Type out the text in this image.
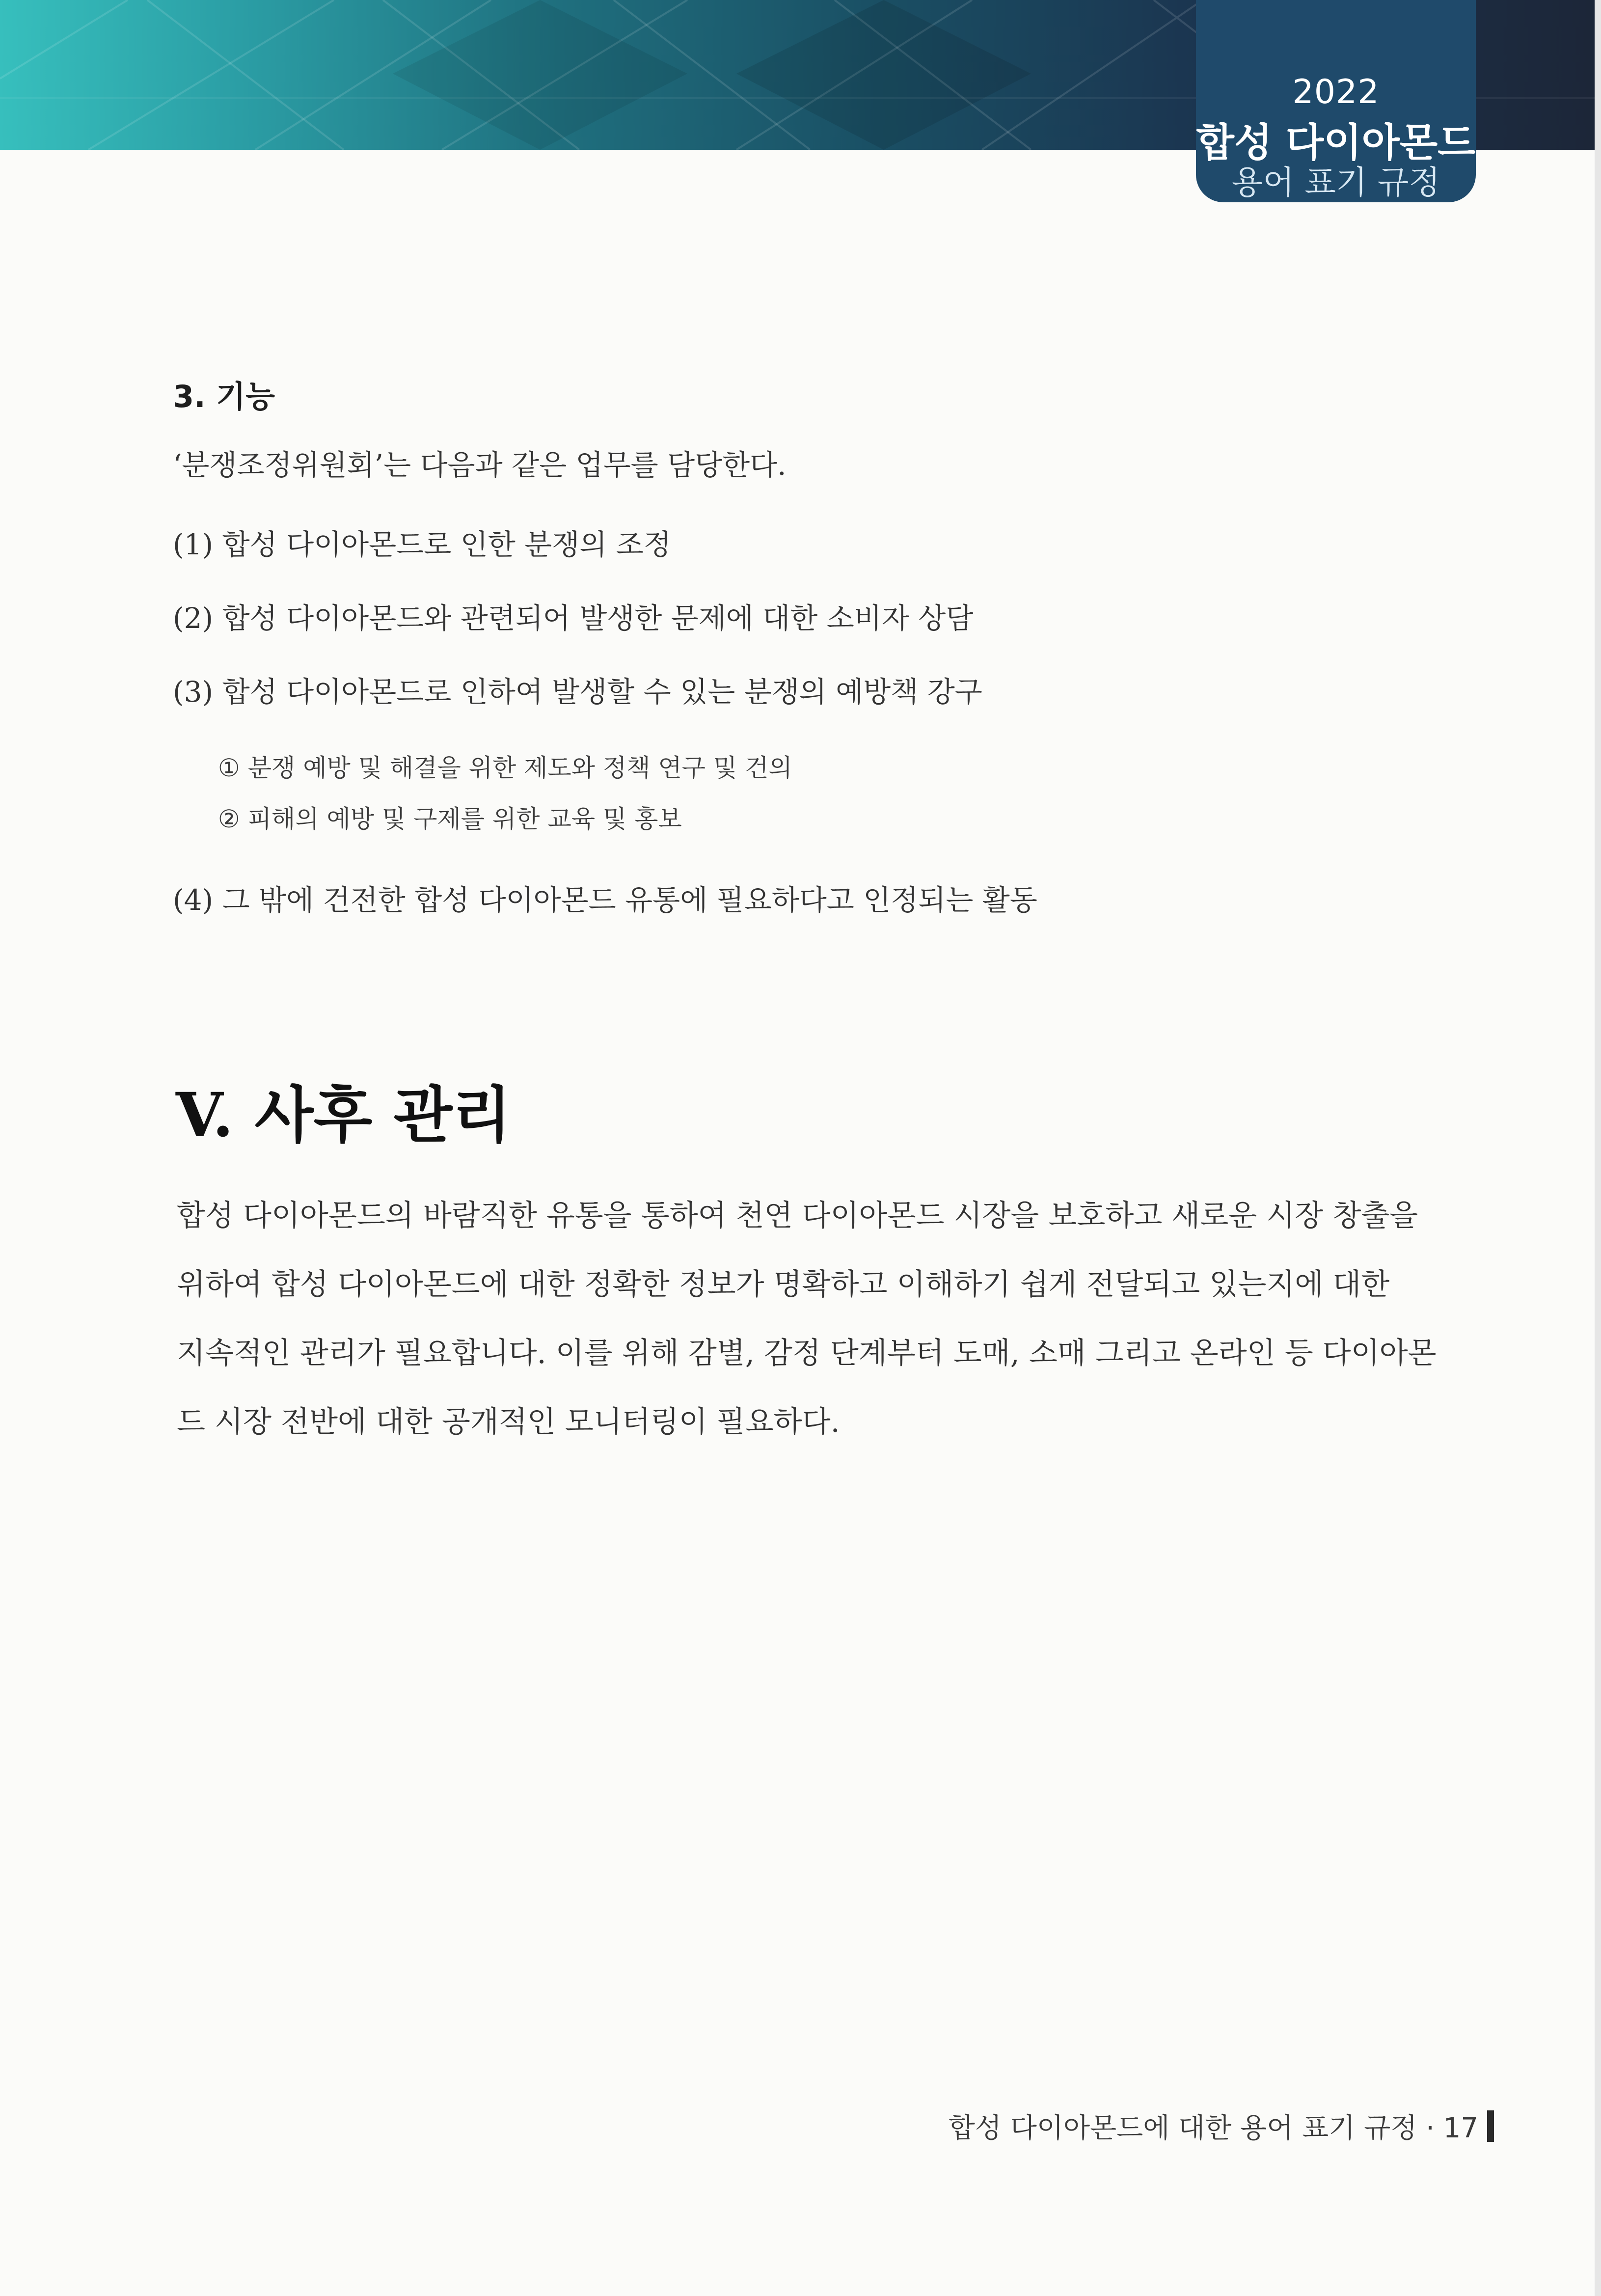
2022
합성 다이아몬드
용어 표기 규정
3. 기능
‘분쟁조정위원회’는 다음과 같은 업무를 담당한다.
(1) 합성 다이아몬드로 인한 분쟁의 조정
(2) 합성 다이아몬드와 관련되어 발생한 문제에 대한 소비자 상담
(3) 합성 다이아몬드로 인하여 발생할 수 있는 분쟁의 예방책 강구
① 분쟁 예방 및 해결을 위한 제도와 정책 연구 및 건의
② 피해의 예방 및 구제를 위한 교육 및 홍보
(4) 그 밖에 건전한 합성 다이아몬드 유통에 필요하다고 인정되는 활동
V. 사후 관리

합성 다이아몬드의 바람직한 유통을 통하여 천연 다이아몬드 시장을 보호하고 새로운 시장 창출을

위하여 합성 다이아몬드에 대한 정확한 정보가 명확하고 이해하기 쉽게 전달되고 있는지에 대한

지속적인 관리가 필요합니다. 이를 위해 감별, 감정 단계부터 도매, 소매 그리고 온라인 등 다이아몬

드 시장 전반에 대한 공개적인 모니터링이 필요하다.

합성 다이아몬드에 대한 용어 표기 규정 · 17
